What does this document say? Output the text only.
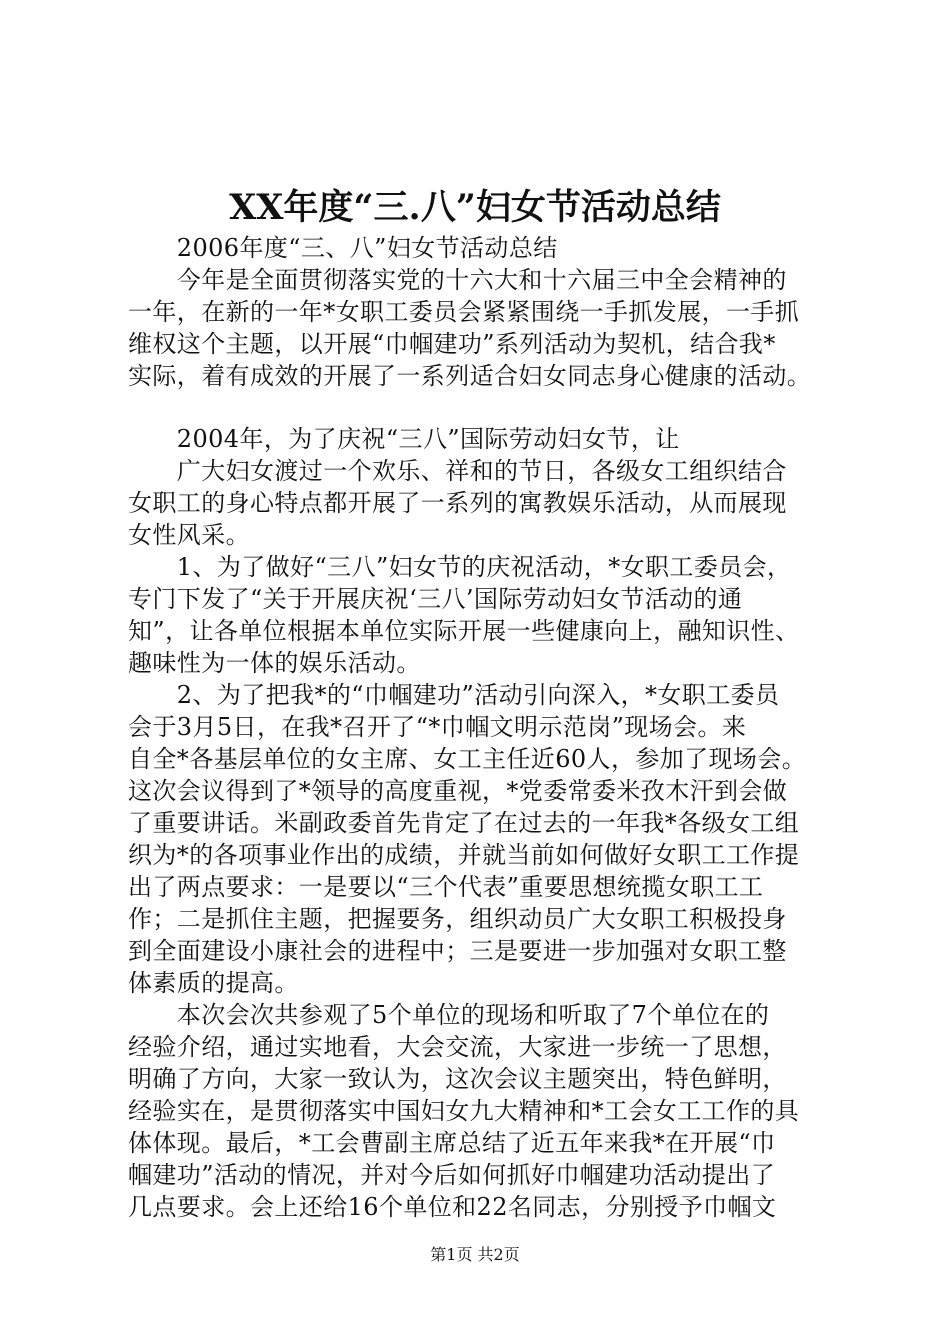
XX年度“三.八”妇女节活动总结
　　2006年度“三、八”妇女节活动总结
　　今年是全面贯彻落实党的十六大和十六届三中全会精神的
一年，在新的一年*女职工委员会紧紧围绕一手抓发展，一手抓
维权这个主题，以开展“巾帼建功”系列活动为契机，结合我*
实际，着有成效的开展了一系列适合妇女同志身心健康的活动。
　　2004年，为了庆祝“三八”国际劳动妇女节，让
　　广大妇女渡过一个欢乐、祥和的节日，各级女工组织结合
女职工的身心特点都开展了一系列的寓教娱乐活动，从而展现
女性风采。
　　1、为了做好“三八”妇女节的庆祝活动，*女职工委员会，
专门下发了“关于开展庆祝‘三八’国际劳动妇女节活动的通
知”，让各单位根据本单位实际开展一些健康向上，融知识性、
趣味性为一体的娱乐活动。
　　2、为了把我*的“巾帼建功”活动引向深入，*女职工委员
会于3月5日，在我*召开了“*巾帼文明示范岗”现场会。来
自全*各基层单位的女主席、女工主任近60人，参加了现场会。
这次会议得到了*领导的高度重视，*党委常委米孜木汗到会做
了重要讲话。米副政委首先肯定了在过去的一年我*各级女工组
织为*的各项事业作出的成绩，并就当前如何做好女职工工作提
出了两点要求：一是要以“三个代表”重要思想统揽女职工工
作；二是抓住主题，把握要务，组织动员广大女职工积极投身
到全面建设小康社会的进程中；三是要进一步加强对女职工整
体素质的提高。
　　本次会次共参观了5个单位的现场和听取了7个单位在的
经验介绍，通过实地看，大会交流，大家进一步统一了思想，
明确了方向，大家一致认为，这次会议主题突出，特色鲜明，
经验实在，是贯彻落实中国妇女九大精神和*工会女工工作的具
体体现。最后，*工会曹副主席总结了近五年来我*在开展“巾
帼建功”活动的情况，并对今后如何抓好巾帼建功活动提出了
几点要求。会上还给16个单位和22名同志，分别授予巾帼文
第1页 共2页
